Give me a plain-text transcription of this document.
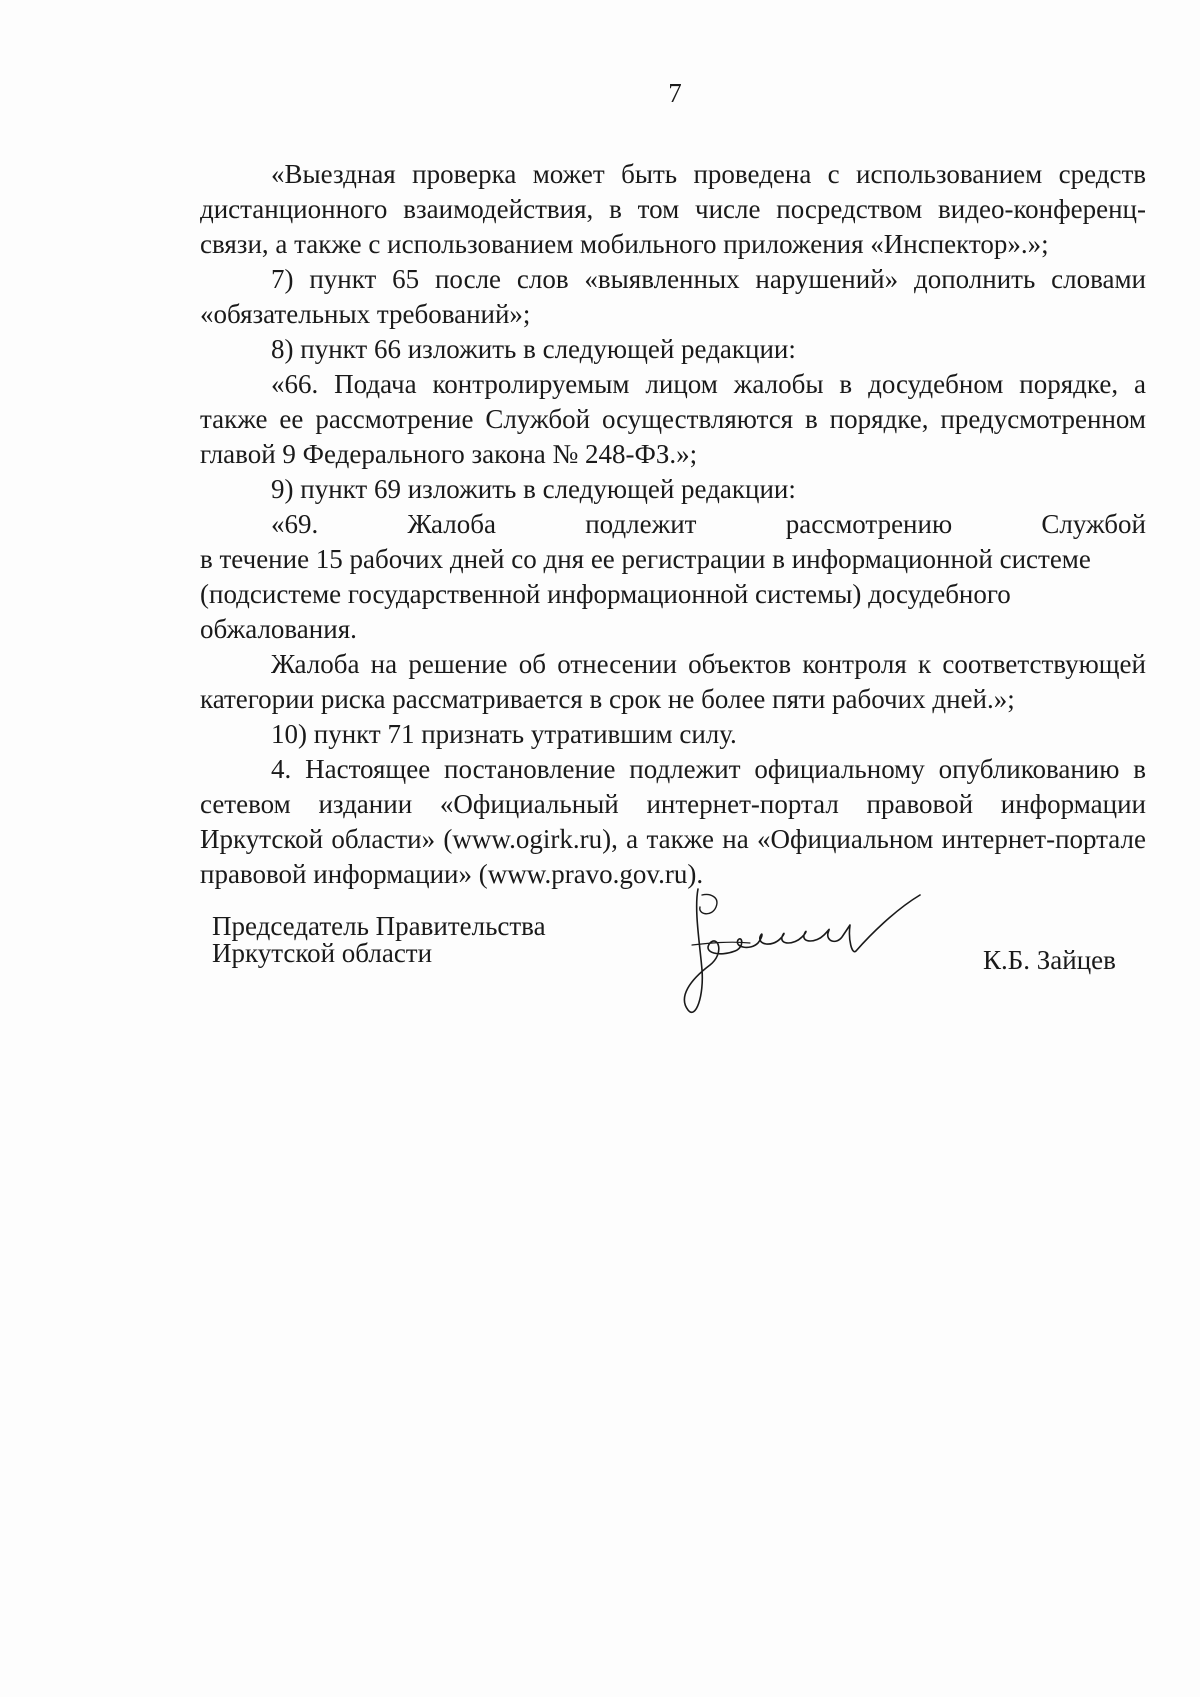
7

«Выездная проверка может быть проведена с использованием средств дистанционного взаимодействия, в том числе посредством видео-конференц-связи, а также с использованием мобильного приложения «Инспектор».»;

7) пункт 65 после слов «выявленных нарушений» дополнить словами «обязательных требований»;

8) пункт 66 изложить в следующей редакции:

«66. Подача контролируемым лицом жалобы в досудебном порядке, а также ее рассмотрение Службой осуществляются в порядке, предусмотренном главой 9 Федерального закона № 248-ФЗ.»;

9) пункт 69 изложить в следующей редакции:

«69. Жалоба подлежит рассмотрению Службой
в течение 15 рабочих дней со дня ее регистрации в информационной системе (подсистеме государственной информационной системы) досудебного обжалования.

Жалоба на решение об отнесении объектов контроля к соответствующей категории риска рассматривается в срок не более пяти рабочих дней.»;

10) пункт 71 признать утратившим силу.

4. Настоящее постановление подлежит официальному опубликованию в сетевом издании «Официальный интернет-портал правовой информации Иркутской области» (www.ogirk.ru), а также на «Официальном интернет-портале правовой информации» (www.pravo.gov.ru).

Председатель Правительства
Иркутской области	К.Б. Зайцев
